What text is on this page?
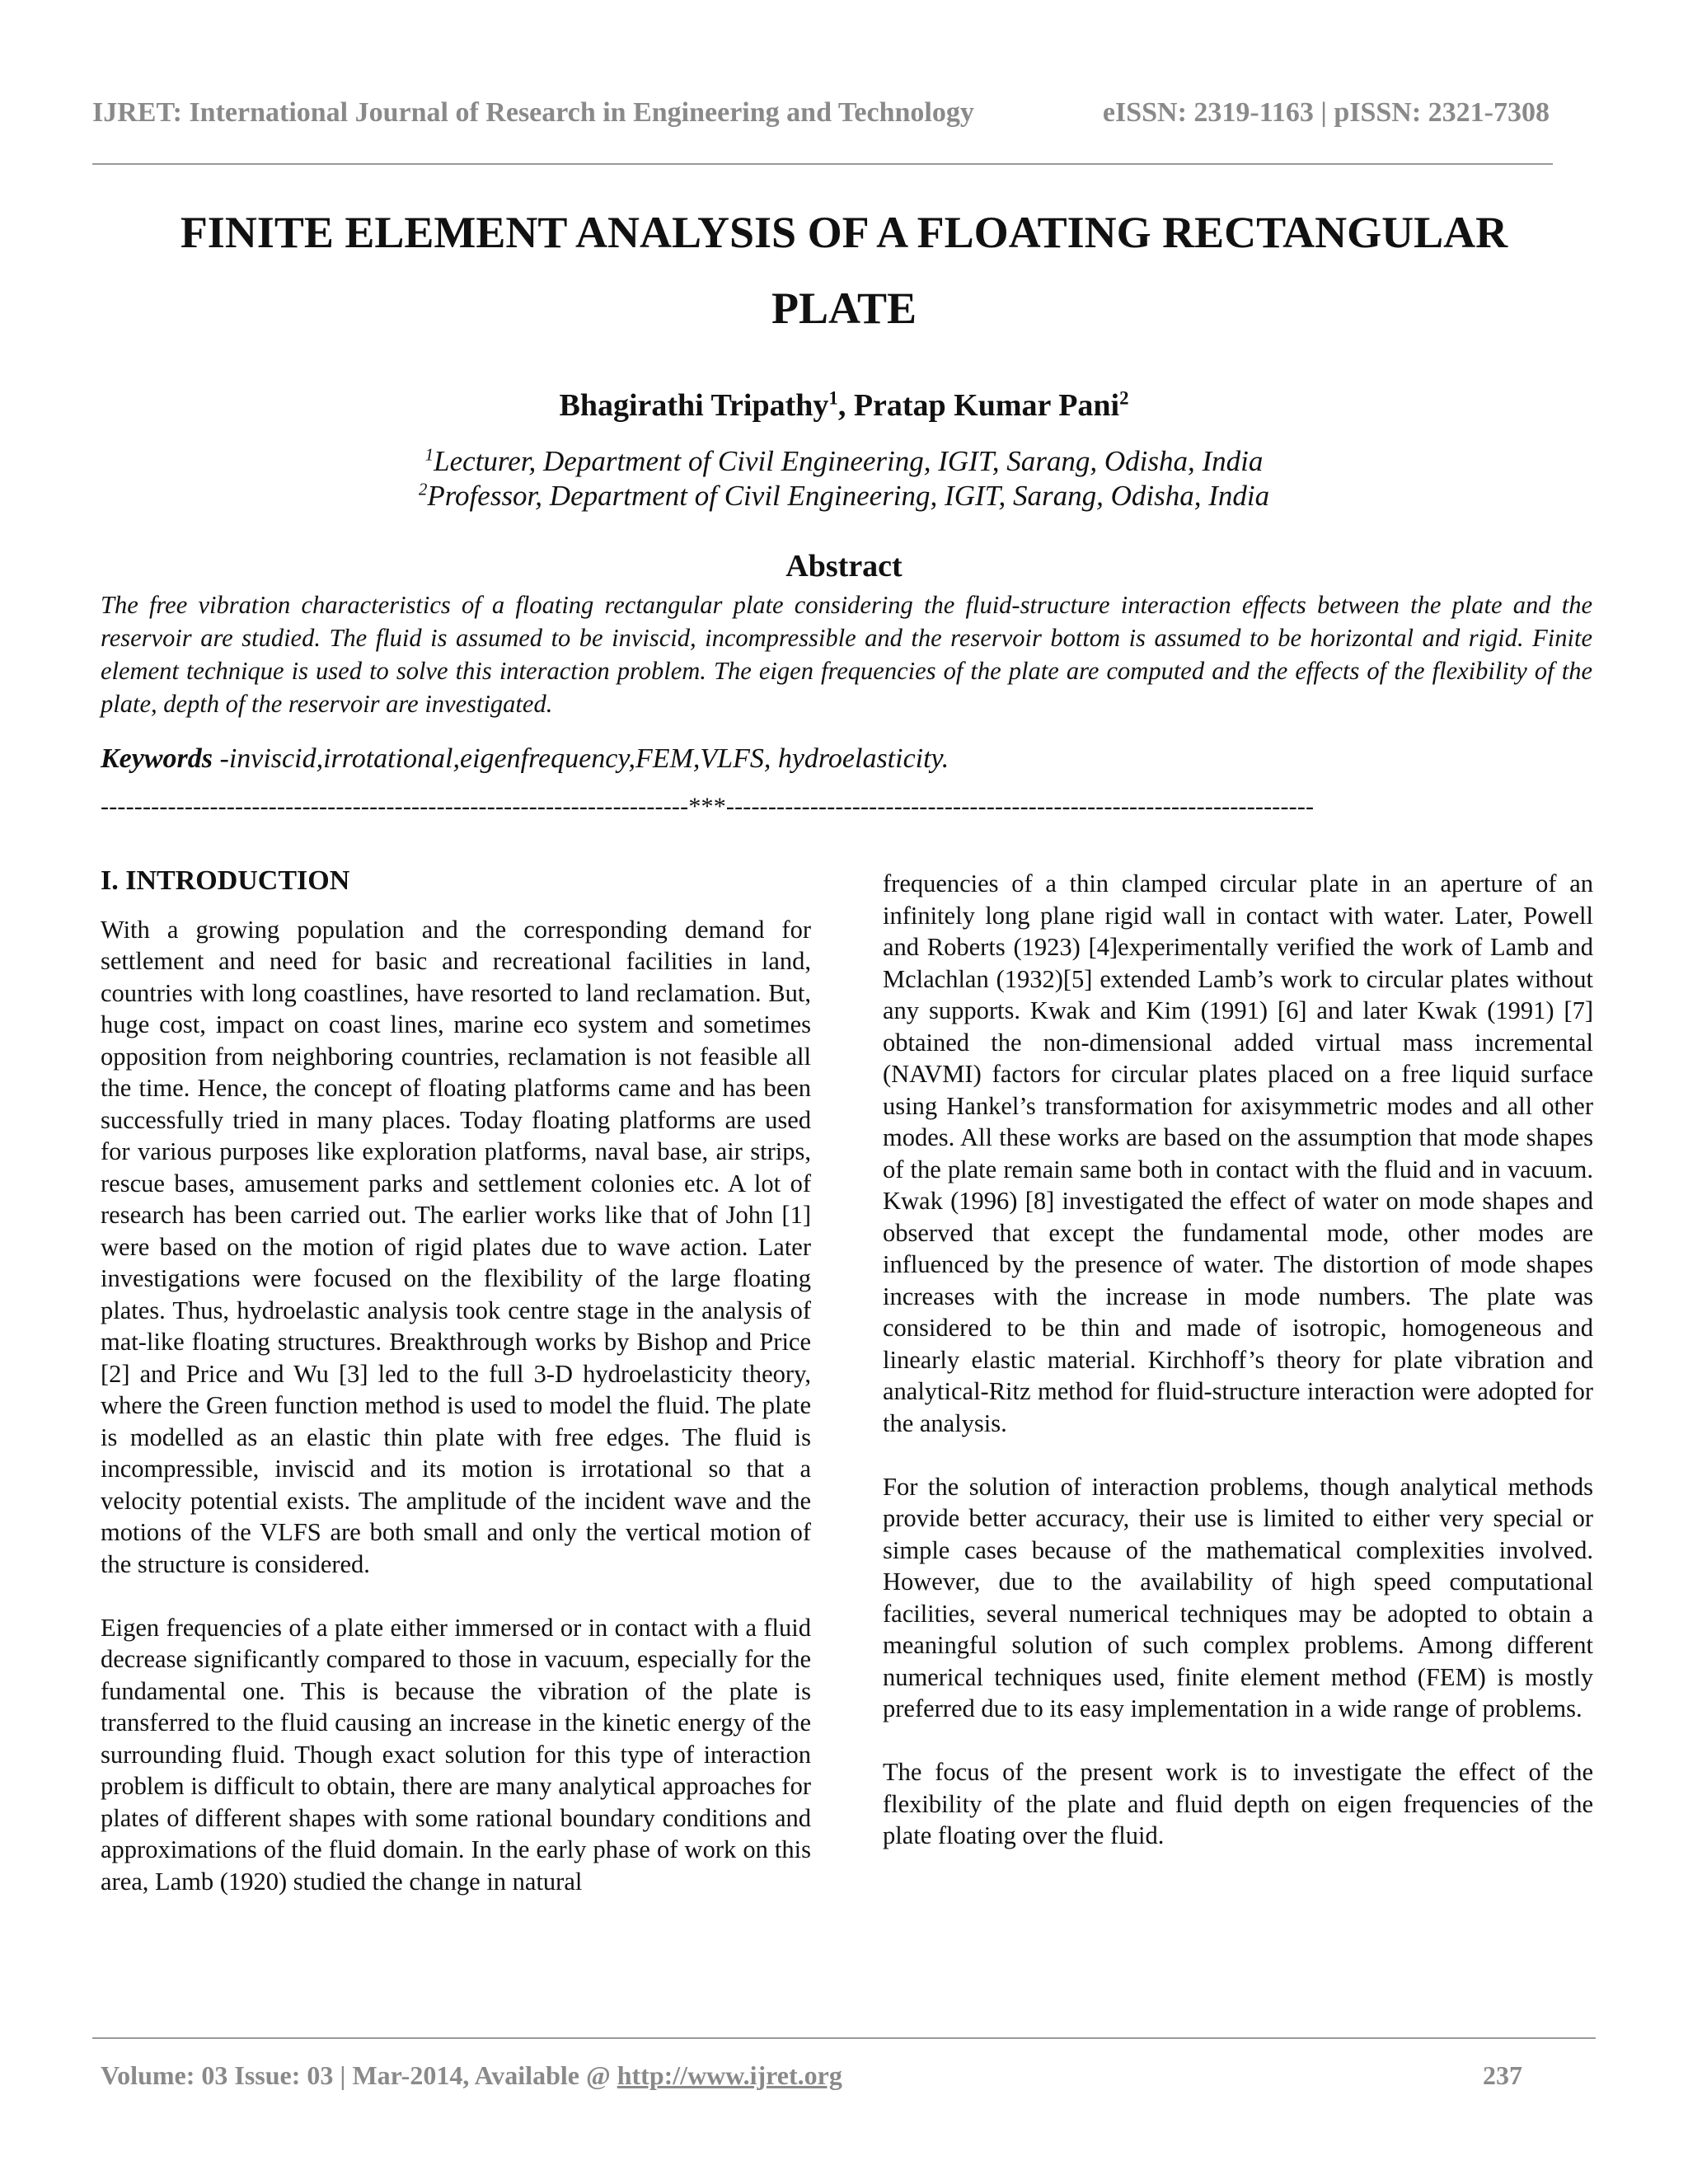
IJRET: International Journal of Research in Engineering and Technology	eISSN: 2319-1163 | pISSN: 2321-7308
FINITE ELEMENT ANALYSIS OF A FLOATING RECTANGULAR PLATE
Bhagirathi Tripathy$^1$, Pratap Kumar Pani$^2$
$^1$Lecturer, Department of Civil Engineering, IGIT, Sarang, Odisha, India
$^2$Professor, Department of Civil Engineering, IGIT, Sarang, Odisha, India
Abstract

The free vibration characteristics of a floating rectangular plate considering the fluid-structure interaction effects between the plate and the reservoir are studied. The fluid is assumed to be inviscid, incompressible and the reservoir bottom is assumed to be horizontal and rigid. Finite element technique is used to solve this interaction problem. The eigen frequencies of the plate are computed and the effects of the flexibility of the plate, depth of the reservoir are investigated.

Keywords -inviscid,irrotational,eigenfrequency,FEM,VLFS, hydroelasticity.
----------------------------------------------------------------------***----------------------------------------------------------------------
I. INTRODUCTION

With a growing population and the corresponding demand for settlement and need for basic and recreational facilities in land, countries with long coastlines, have resorted to land reclamation. But, huge cost, impact on coast lines, marine eco system and sometimes opposition from neighboring countries, reclamation is not feasible all the time. Hence, the concept of floating platforms came and has been successfully tried in many places. Today floating platforms are used for various purposes like exploration platforms, naval base, air strips, rescue bases, amusement parks and settlement colonies etc. A lot of research has been carried out. The earlier works like that of John [1] were based on the motion of rigid plates due to wave action. Later investigations were focused on the flexibility of the large floating plates. Thus, hydroelastic analysis took centre stage in the analysis of mat-like floating structures. Breakthrough works by Bishop and Price [2] and Price and Wu [3] led to the full 3-D hydroelasticity theory, where the Green function method is used to model the fluid. The plate is modelled as an elastic thin plate with free edges. The fluid is incompressible, inviscid and its motion is irrotational so that a velocity potential exists. The amplitude of the incident wave and the motions of the VLFS are both small and only the vertical motion of the structure is considered.

Eigen frequencies of a plate either immersed or in contact with a fluid decrease significantly compared to those in vacuum, especially for the fundamental one. This is because the vibration of the plate is transferred to the fluid causing an increase in the kinetic energy of the surrounding fluid. Though exact solution for this type of interaction problem is difficult to obtain, there are many analytical approaches for plates of different shapes with some rational boundary conditions and approximations of the fluid domain. In the early phase of work on this area, Lamb (1920) studied the change in natural

frequencies of a thin clamped circular plate in an aperture of an infinitely long plane rigid wall in contact with water. Later, Powell and Roberts (1923) [4]experimentally verified the work of Lamb and Mclachlan (1932)[5] extended Lamb’s work to circular plates without any supports. Kwak and Kim (1991) [6] and later Kwak (1991) [7] obtained the non-dimensional added virtual mass incremental (NAVMI) factors for circular plates placed on a free liquid surface using Hankel’s transformation for axisymmetric modes and all other modes. All these works are based on the assumption that mode shapes of the plate remain same both in contact with the fluid and in vacuum. Kwak (1996) [8] investigated the effect of water on mode shapes and observed that except the fundamental mode, other modes are influenced by the presence of water. The distortion of mode shapes increases with the increase in mode numbers. The plate was considered to be thin and made of isotropic, homogeneous and linearly elastic material. Kirchhoff’s theory for plate vibration and analytical-Ritz method for fluid-structure interaction were adopted for the analysis.

For the solution of interaction problems, though analytical methods provide better accuracy, their use is limited to either very special or simple cases because of the mathematical complexities involved. However, due to the availability of high speed computational facilities, several numerical techniques may be adopted to obtain a meaningful solution of such complex problems. Among different numerical techniques used, finite element method (FEM) is mostly preferred due to its easy implementation in a wide range of problems.

The focus of the present work is to investigate the effect of the flexibility of the plate and fluid depth on eigen frequencies of the plate floating over the fluid.

Volume: 03 Issue: 03 | Mar-2014, Available @ http://www.ijret.org	237
